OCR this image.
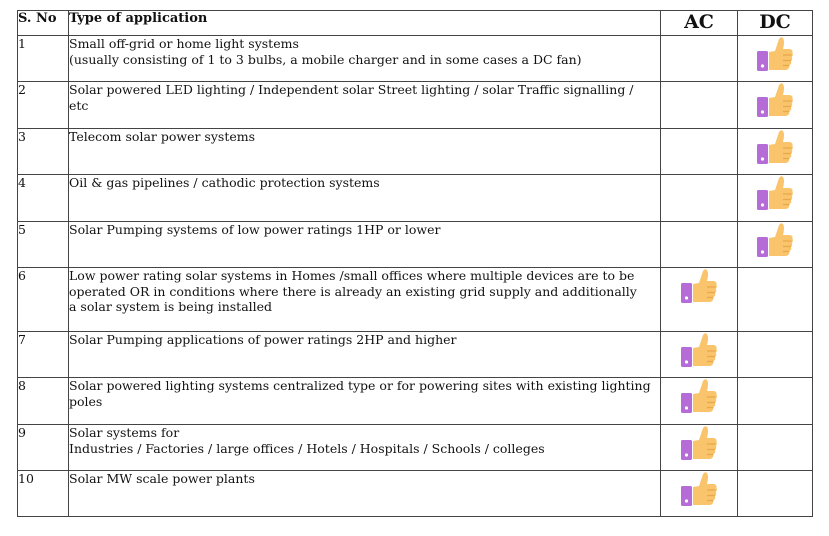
S. No	Type of application	AC	DC
1	Small off-grid or home light systems
(usually consisting of 1 to 3 bulbs, a mobile charger and in some cases a DC fan)

2	Solar powered LED lighting / Independent solar Street lighting / solar Traffic signalling /
etc

3	Telecom solar power systems

4	Oil & gas pipelines / cathodic protection systems

5	Solar Pumping systems of low power ratings 1HP or lower

6	Low power rating solar systems in Homes /small offices where multiple devices are to be
operated OR in conditions where there is already an existing grid supply and additionally
a solar system is being installed

7	Solar Pumping applications of power ratings 2HP and higher

8	Solar powered lighting systems centralized type or for powering sites with existing lighting
poles

9	Solar systems for
Industries / Factories / large offices / Hotels / Hospitals / Schools / colleges

10	Solar MW scale power plants
